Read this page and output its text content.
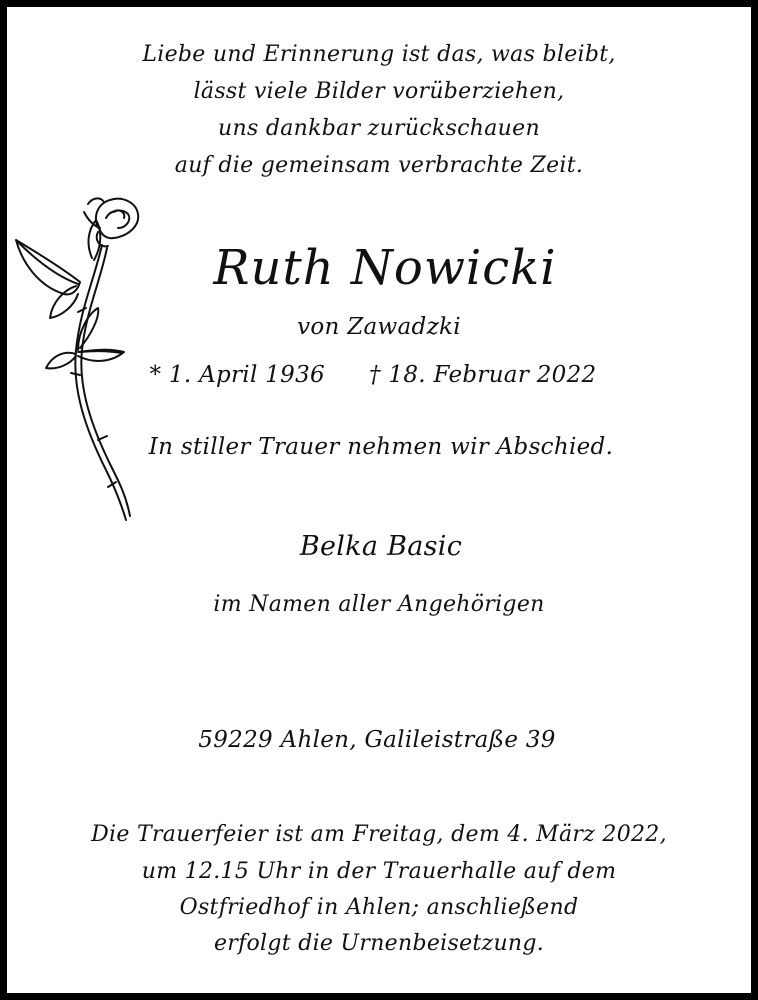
Liebe und Erinnerung ist das, was bleibt,
lässt viele Bilder vorüberziehen,
uns dankbar zurückschauen
auf die gemeinsam verbrachte Zeit.
Ruth Nowicki
von Zawadzki
* 1. April 1936 † 18. Februar 2022
In stiller Trauer nehmen wir Abschied.
Belka Basic
im Namen aller Angehörigen
59229 Ahlen, Galileistraße 39
Die Trauerfeier ist am Freitag, dem 4. März 2022,
um 12.15 Uhr in der Trauerhalle auf dem
Ostfriedhof in Ahlen; anschließend
erfolgt die Urnenbeisetzung.
